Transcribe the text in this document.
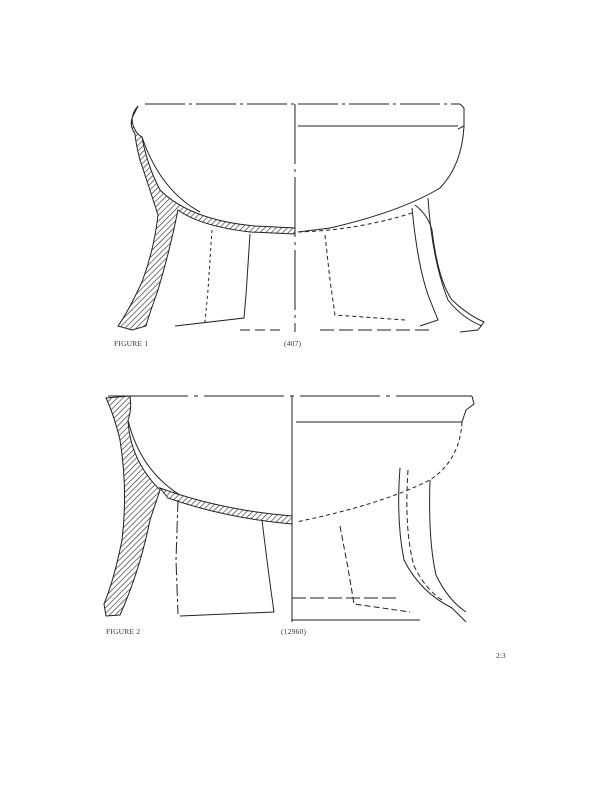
FIGURE 1	(407)
FIGURE 2	(12960)
2:3
